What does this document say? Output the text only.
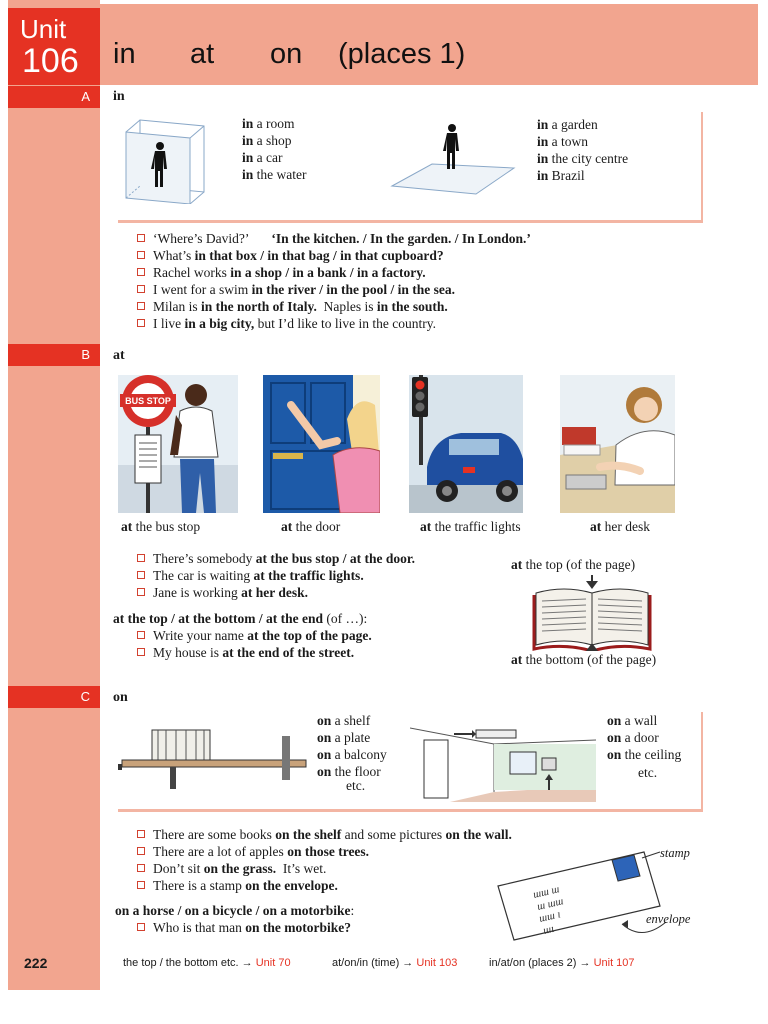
Unit
106 in at on (places 1)
A	in
in a room
in a shop
in a car
in the water
in a garden
in a town
in the city centre
in Brazil
‘Where’s David?’ ‘In the kitchen. / In the garden. / In London.’
What’s in that box / in that bag / in that cupboard?
Rachel works in a shop / in a bank / in a factory.
I went for a swim in the river / in the pool / in the sea.
Milan is in the north of Italy.  Naples is in the south.
I live in a big city, but I’d like to live in the country.
B	at
BUS STOP
at the bus stop	at the door	at the traffic lights	at her desk
There’s somebody at the bus stop / at the door.
The car is waiting at the traffic lights.
Jane is working at her desk.
at the top / at the bottom / at the end (of …):
Write your name at the top of the page.
My house is at the end of the street.
at the top (of the page)
at the bottom (of the page)
C	on
on a shelf
on a plate
on a balcony
on the floor
etc.
on a wall
on a door
on the ceiling
etc.
There are some books on the shelf and some pictures on the wall.
There are a lot of apples on those trees.
Don’t sit on the grass.  It’s wet.
There is a stamp on the envelope.
on a horse / on a bicycle / on a motorbike:
Who is that man on the motorbike?
ɯɯ ɯ
ɯ ɯɯ
ɯɯ ı
ɯı
stamp
envelope
222	the top / the bottom etc. → Unit 70	at/on/in (time) → Unit 103	in/at/on (places 2) → Unit 107
